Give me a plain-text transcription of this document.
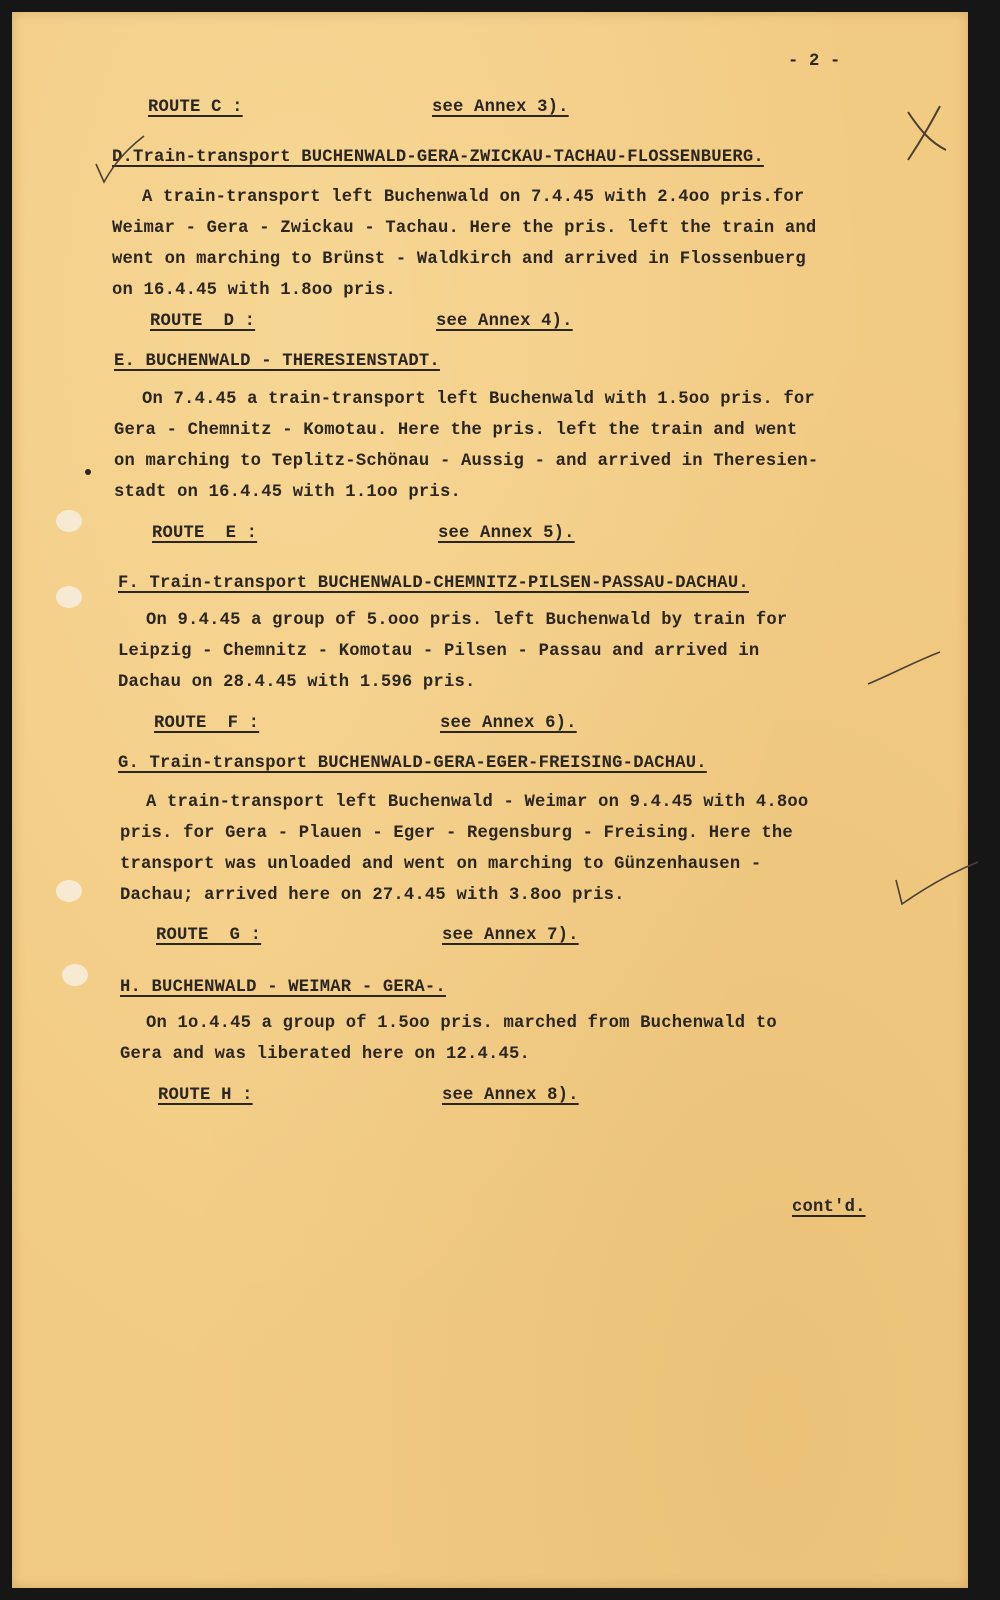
- 2 -

ROUTE C :	see Annex 3).

D.Train-transport BUCHENWALD-GERA-ZWICKAU-TACHAU-FLOSSENBUERG.

A train-transport left Buchenwald on 7.4.45 with 2.4oo pris.for

Weimar - Gera - Zwickau - Tachau. Here the pris. left the train and

went on marching to Brünst - Waldkirch and arrived in Flossenbuerg

on 16.4.45 with 1.8oo pris.

ROUTE  D :	see Annex 4).

E. BUCHENWALD - THERESIENSTADT.

On 7.4.45 a train-transport left Buchenwald with 1.5oo pris. for

Gera - Chemnitz - Komotau. Here the pris. left the train and went

on marching to Teplitz-Schönau - Aussig - and arrived in Theresien-

stadt on 16.4.45 with 1.1oo pris.

ROUTE  E :	see Annex 5).

F. Train-transport BUCHENWALD-CHEMNITZ-PILSEN-PASSAU-DACHAU.

On 9.4.45 a group of 5.ooo pris. left Buchenwald by train for

Leipzig - Chemnitz - Komotau - Pilsen - Passau and arrived in

Dachau on 28.4.45 with 1.596 pris.

ROUTE  F :	see Annex 6).

G. Train-transport BUCHENWALD-GERA-EGER-FREISING-DACHAU.

A train-transport left Buchenwald - Weimar on 9.4.45 with 4.8oo

pris. for Gera - Plauen - Eger - Regensburg - Freising. Here the

transport was unloaded and went on marching to Günzenhausen -

Dachau; arrived here on 27.4.45 with 3.8oo pris.

ROUTE  G :	see Annex 7).

H. BUCHENWALD - WEIMAR - GERA-.

On 1o.4.45 a group of 1.5oo pris. marched from Buchenwald to

Gera and was liberated here on 12.4.45.

ROUTE H :	see Annex 8).

cont'd.
